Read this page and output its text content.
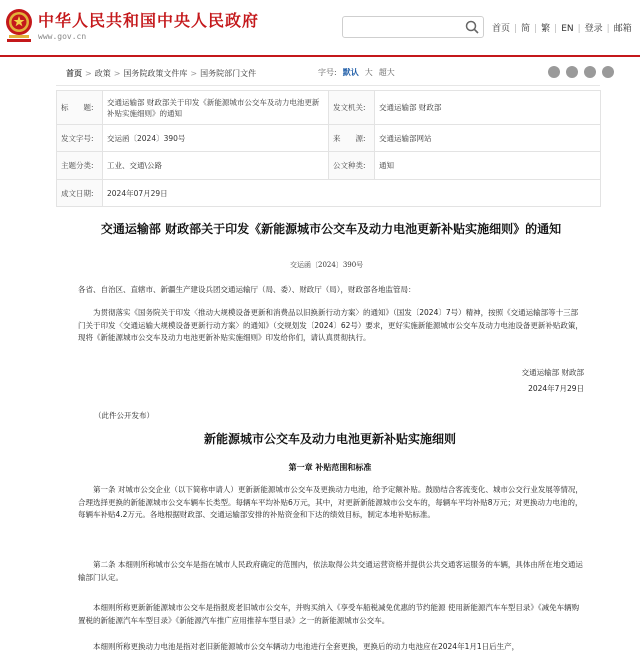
中华人民共和国中央人民政府
www.gov.cn
首页 | 简 | 繁 | EN | 登录 | 邮箱
首页 > 政策 > 国务院政策文件库 > 国务院部门文件	字号: 默认 大 超大
标　　题:	交通运输部 财政部关于印发《新能源城市公交车及动力电池更新补贴实施细则》的通知	发文机关:	交通运输部 财政部
发文字号:	交运函〔2024〕390号	来　　源:	交通运输部网站
主题分类:	工业、交通\公路	公文种类:	通知
成文日期:	2024年07月29日		
交通运输部 财政部关于印发《新能源城市公交车及动力电池更新补贴实施细则》的通知
交运函〔2024〕390号

各省、自治区、直辖市、新疆生产建设兵团交通运输厅（局、委）、财政厅（局），财政部各地监管局：

为贯彻落实《国务院关于印发〈推动大规模设备更新和消费品以旧换新行动方案〉的通知》（国发〔2024〕7号）精神，按照《交通运输部等十三部门关于印发〈交通运输大规模设备更新行动方案〉的通知》（交规划发〔2024〕62号）要求，更好实施新能源城市公交车及动力电池设备更新补贴政策，现将《新能源城市公交车及动力电池更新补贴实施细则》印发给你们，请认真贯彻执行。

交通运输部 财政部

2024年7月29日

（此件公开发布）

新能源城市公交车及动力电池更新补贴实施细则
第一章 补贴范围和标准

第一条 对城市公交企业（以下简称申请人）更新新能源城市公交车及更换动力电池，给予定额补贴。鼓励结合客流变化、城市公交行业发展等情况，合理选择更换的新能源城市公交车辆车长类型。每辆车平均补贴6万元，其中，对更新新能源城市公交车的，每辆车平均补贴8万元；对更换动力电池的，每辆车补贴4.2万元。各地根据财政部、交通运输部安排的补贴资金和下达的绩效目标，制定本地补贴标准。

第二条 本细则所称城市公交车是指在城市人民政府确定的范围内，依法取得公共交通运营资格并提供公共交通客运服务的车辆，具体由所在地交通运输部门认定。

本细则所称更新新能源城市公交车是指报废老旧城市公交车，并购买纳入《享受车船税减免优惠的节约能源 使用新能源汽车车型目录》《减免车辆购置税的新能源汽车车型目录》《新能源汽车推广应用推荐车型目录》之一的新能源城市公交车。

本细则所称更换动力电池是指对老旧新能源城市公交车辆动力电池进行全套更换，更换后的动力电池应在2024年1月1日后生产，
